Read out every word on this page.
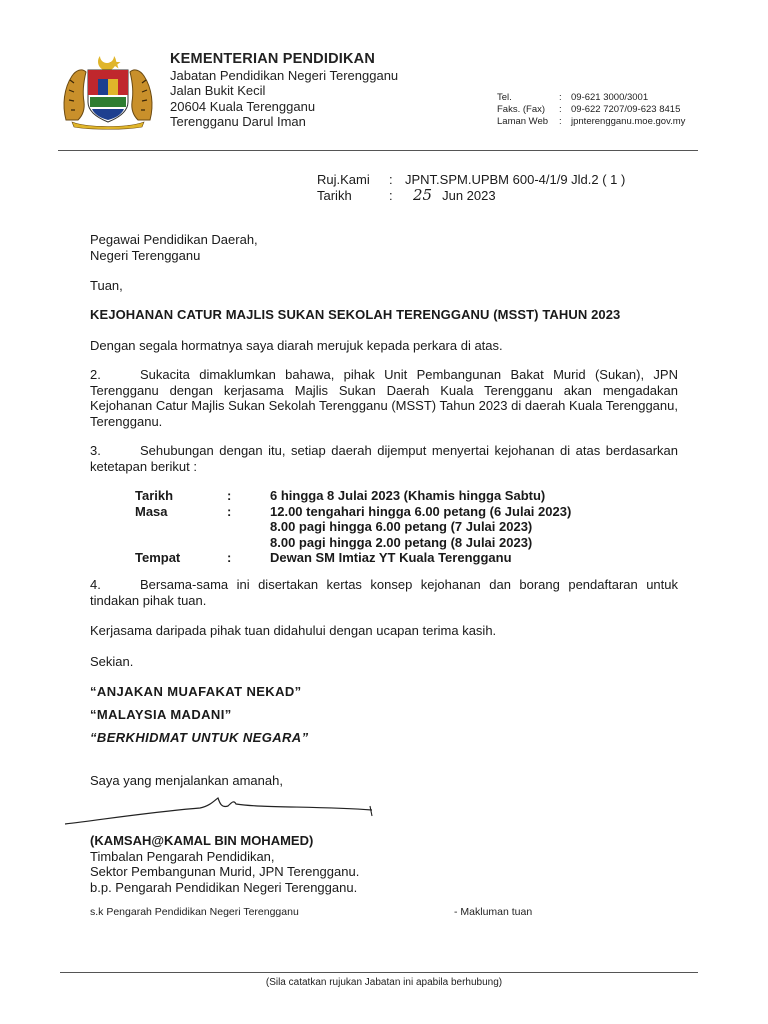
KEMENTERIAN PENDIDIKAN
Jabatan Pendidikan Negeri Terengganu
Jalan Bukit Kecil
20604 Kuala Terengganu
Terengganu Darul Iman
Tel.	: 09-621 3000/3001
Faks. (Fax)	: 09-622 7207/09-623 8415
Laman Web	: jpnterengganu.moe.gov.my
Ruj.Kami	: JPNT.SPM.UPBM 600-4/1/9 Jld.2 ( 1 )
Tarikh	:	25 Jun 2023
Pegawai Pendidikan Daerah,
Negeri Terengganu
Tuan,
KEJOHANAN CATUR MAJLIS SUKAN SEKOLAH TERENGGANU (MSST) TAHUN 2023
Dengan segala hormatnya saya diarah merujuk kepada perkara di atas.
2.	Sukacita dimaklumkan bahawa, pihak Unit Pembangunan Bakat Murid (Sukan), JPN Terengganu dengan kerjasama Majlis Sukan Daerah Kuala Terengganu akan mengadakan Kejohanan Catur Majlis Sukan Sekolah Terengganu (MSST) Tahun 2023 di daerah Kuala Terengganu, Terengganu.
3.	Sehubungan dengan itu, setiap daerah dijemput menyertai kejohanan di atas berdasarkan ketetapan berikut :
Tarikh	:	6 hingga 8 Julai 2023 (Khamis hingga Sabtu)
Masa	:	12.00 tengahari hingga 6.00 petang (6 Julai 2023)
8.00 pagi hingga 6.00 petang (7 Julai 2023)
8.00 pagi hingga 2.00 petang (8 Julai 2023)
Tempat	:	Dewan SM Imtiaz YT Kuala Terengganu
4.	Bersama-sama ini disertakan kertas konsep kejohanan dan borang pendaftaran untuk tindakan pihak tuan.
Kerjasama daripada pihak tuan didahului dengan ucapan terima kasih.
Sekian.
“ANJAKAN MUAFAKAT NEKAD”
“MALAYSIA MADANI”
“BERKHIDMAT UNTUK NEGARA”
Saya yang menjalankan amanah,
(KAMSAH@KAMAL BIN MOHAMED)
Timbalan Pengarah Pendidikan,
Sektor Pembangunan Murid, JPN Terengganu.
b.p. Pengarah Pendidikan Negeri Terengganu.
s.k Pengarah Pendidikan Negeri Terengganu	- Makluman tuan
(Sila catatkan rujukan Jabatan ini apabila berhubung)
